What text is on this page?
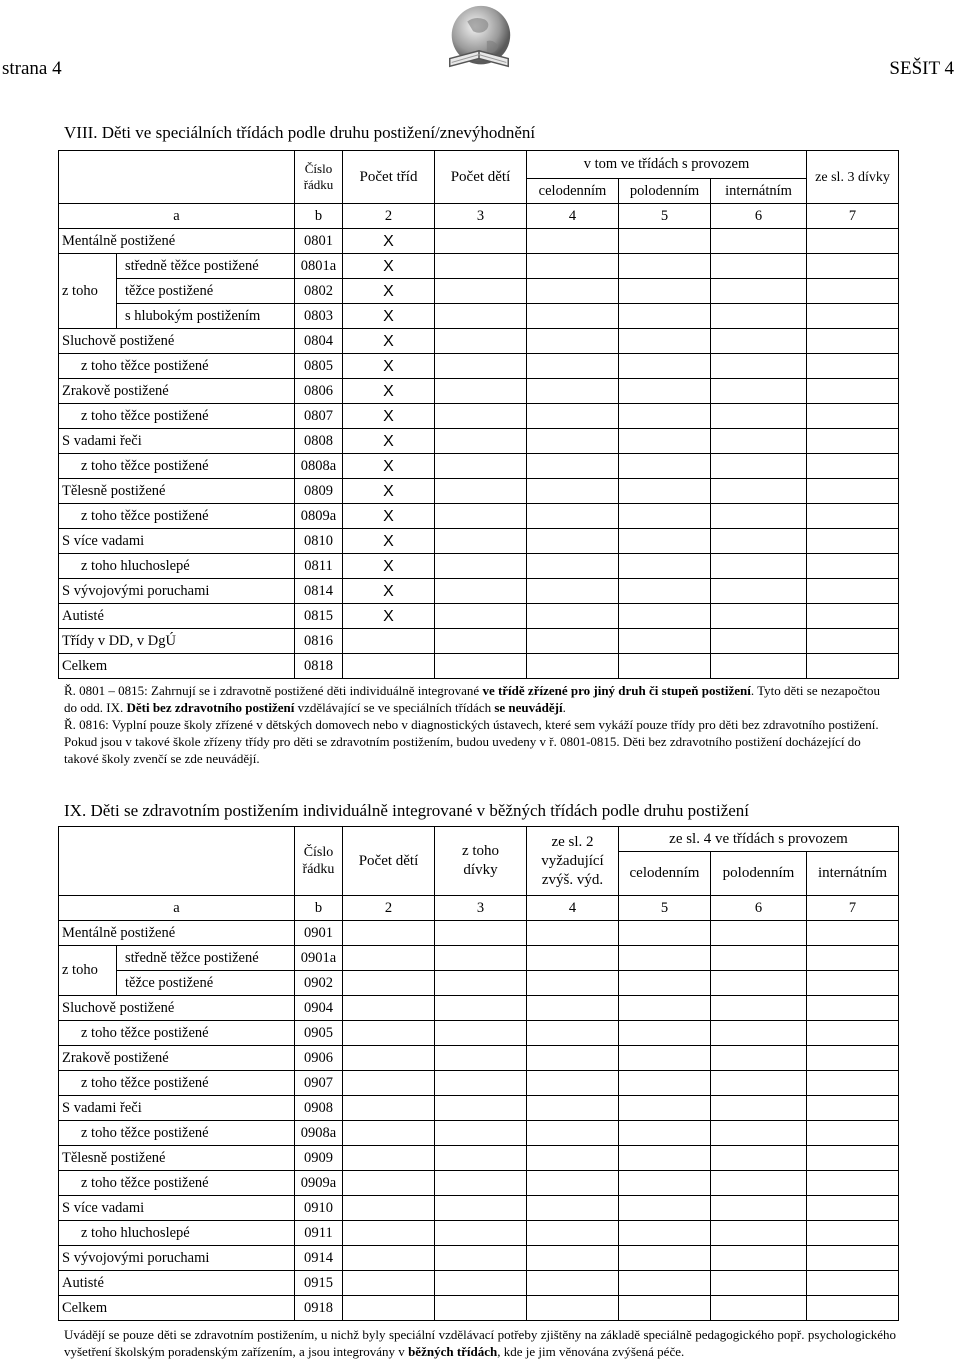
strana 4	SEŠIT 4
VIII. Děti ve speciálních třídách podle druhu postižení/znevýhodnění
		Číslo řádku	Počet tříd	Počet dětí	v tom ve třídách s provozem			ze sl. 3 dívky
					celodenním	polodenním	internátním	
a		b	2	3	4	5	6	7
Mentálně postižené		0801	X					
z toho	středně těžce postižené	0801a	X					
	těžce postižené	0802	X					
	s hlubokým postižením	0803	X					
Sluchově postižené		0804	X					
z toho těžce postižené		0805	X					
Zrakově postižené		0806	X					
z toho těžce postižené		0807	X					
S vadami řeči		0808	X					
z toho těžce postižené		0808a	X					
Tělesně postižené		0809	X					
z toho těžce postižené		0809a	X					
S více vadami		0810	X					
z toho hluchoslepé		0811	X					
S vývojovými poruchami		0814	X					
Autisté		0815	X					
Třídy v DD, v DgÚ		0816						
Celkem		0818						
Ř. 0801 – 0815: Zahrnují se i zdravotně postižené děti individuálně integrované ve třídě zřízené pro jiný druh či stupeň postižení. Tyto děti se nezapočtou do odd. IX. Děti bez zdravotního postižení vzdělávající se ve speciálních třídách se neuvádějí.
Ř. 0816: Vyplní pouze školy zřízené v dětských domovech nebo v diagnostických ústavech, které sem vykáží pouze třídy pro děti bez zdravotního postižení. Pokud jsou v takové škole zřízeny třídy pro děti se zdravotním postižením, budou uvedeny v ř. 0801-0815. Děti bez zdravotního postižení docházející do takové školy zvenčí se zde neuvádějí.
IX. Děti se zdravotním postižením individuálně integrované v běžných třídách podle druhu postižení
		Číslo řádku	Počet dětí	z toho dívky	ze sl. 2 vyžadující zvýš. výd.	ze sl. 4 ve třídách s provozem		
						celodenním	polodenním	internátním
a		b	2	3	4	5	6	7
Mentálně postižené		0901						
z toho	středně těžce postižené	0901a						
	těžce postižené	0902						
Sluchově postižené		0904						
z toho těžce postižené		0905						
Zrakově postižené		0906						
z toho těžce postižené		0907						
S vadami řeči		0908						
z toho těžce postižené		0908a						
Tělesně postižené		0909						
z toho těžce postižené		0909a						
S více vadami		0910						
z toho hluchoslepé		0911						
S vývojovými poruchami		0914						
Autisté		0915						
Celkem		0918						
Uvádějí se pouze děti se zdravotním postižením, u nichž byly speciální vzdělávací potřeby zjištěny na základě speciálně pedagogického popř. psychologického vyšetření školským poradenským zařízením, a jsou integrovány v běžných třídách, kde je jim věnována zvýšená péče.
